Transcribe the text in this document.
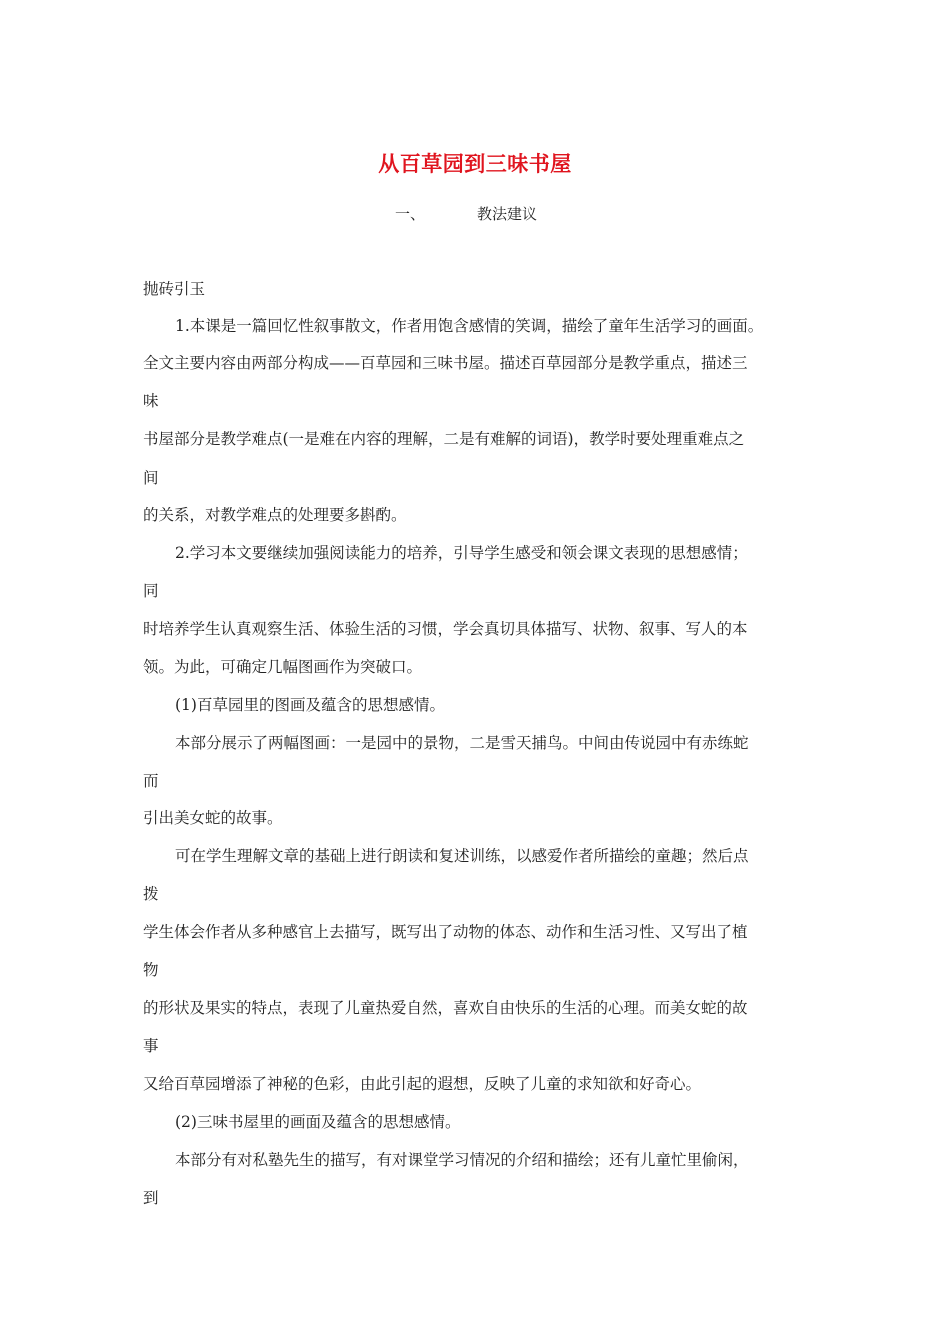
从百草园到三味书屋
一、	教法建议
抛砖引玉
1.本课是一篇回忆性叙事散文，作者用饱含感情的笑调，描绘了童年生活学习的画面。
全文主要内容由两部分构成——百草园和三味书屋。描述百草园部分是教学重点，描述三
味
书屋部分是教学难点(一是难在内容的理解，二是有难解的词语)，教学时要处理重难点之
间
的关系，对教学难点的处理要多斟酌。
2.学习本文要继续加强阅读能力的培养，引导学生感受和领会课文表现的思想感情；
同
时培养学生认真观察生活、体验生活的习惯，学会真切具体描写、状物、叙事、写人的本
领。为此，可确定几幅图画作为突破口。
(1)百草园里的图画及蕴含的思想感情。
本部分展示了两幅图画：一是园中的景物，二是雪天捕鸟。中间由传说园中有赤练蛇
而
引出美女蛇的故事。
可在学生理解文章的基础上进行朗读和复述训练，以感爱作者所描绘的童趣；然后点
拨
学生体会作者从多种感官上去描写，既写出了动物的体态、动作和生活习性、又写出了植
物
的形状及果实的特点，表现了儿童热爱自然，喜欢自由快乐的生活的心理。而美女蛇的故
事
又给百草园增添了神秘的色彩，由此引起的遐想，反映了儿童的求知欲和好奇心。
(2)三味书屋里的画面及蕴含的思想感情。
本部分有对私塾先生的描写，有对课堂学习情况的介绍和描绘；还有儿童忙里偷闲，
到
